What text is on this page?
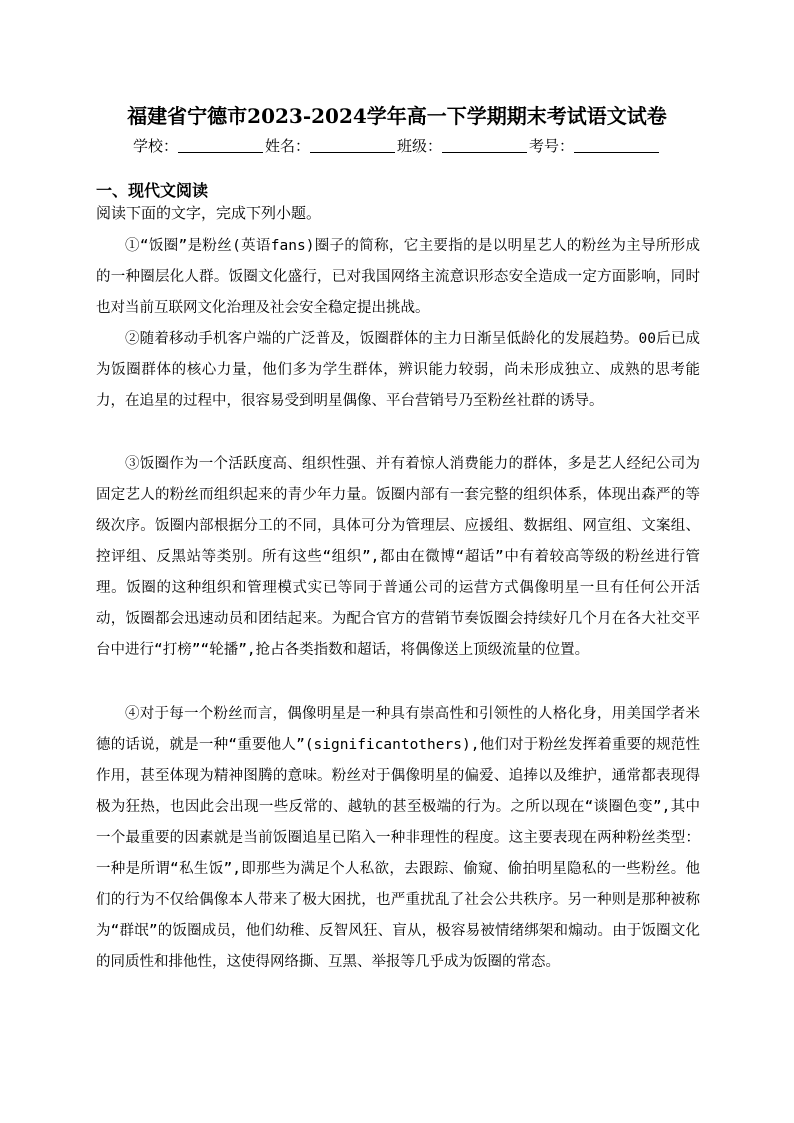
福建省宁德市2023-2024学年高一下学期期末考试语文试卷
学校：	姓名：	班级：	考号：
一、现代文阅读
阅读下面的文字，完成下列小题。

①“饭圈”是粉丝(英语fans)圈子的简称，它主要指的是以明星艺人的粉丝为主导所形成的一种圈层化人群。饭圈文化盛行，已对我国网络主流意识形态安全造成一定方面影响，同时也对当前互联网文化治理及社会安全稳定提出挑战。

②随着移动手机客户端的广泛普及，饭圈群体的主力日渐呈低龄化的发展趋势。00后已成为饭圈群体的核心力量，他们多为学生群体，辨识能力较弱，尚未形成独立、成熟的思考能力，在追星的过程中，很容易受到明星偶像、平台营销号乃至粉丝社群的诱导。

③饭圈作为一个活跃度高、组织性强、并有着惊人消费能力的群体，多是艺人经纪公司为固定艺人的粉丝而组织起来的青少年力量。饭圈内部有一套完整的组织体系，体现出森严的等级次序。饭圈内部根据分工的不同，具体可分为管理层、应援组、数据组、网宣组、文案组、控评组、反黑站等类别。所有这些“组织”,都由在微博“超话”中有着较高等级的粉丝进行管理。饭圈的这种组织和管理模式实已等同于普通公司的运营方式偶像明星一旦有任何公开活动，饭圈都会迅速动员和团结起来。为配合官方的营销节奏饭圈会持续好几个月在各大社交平台中进行“打榜”“轮播”,抢占各类指数和超话，将偶像送上顶级流量的位置。

④对于每一个粉丝而言，偶像明星是一种具有崇高性和引领性的人格化身，用美国学者米德的话说，就是一种“重要他人”(significantothers),他们对于粉丝发挥着重要的规范性作用，甚至体现为精神图腾的意味。粉丝对于偶像明星的偏爱、追捧以及维护，通常都表现得极为狂热，也因此会出现一些反常的、越轨的甚至极端的行为。之所以现在“谈圈色变”,其中一个最重要的因素就是当前饭圈追星已陷入一种非理性的程度。这主要表现在两种粉丝类型：一种是所谓“私生饭”,即那些为满足个人私欲，去跟踪、偷窥、偷拍明星隐私的一些粉丝。他们的行为不仅给偶像本人带来了极大困扰，也严重扰乱了社会公共秩序。另一种则是那种被称为“群氓”的饭圈成员，他们幼稚、反智风狂、盲从，极容易被情绪绑架和煽动。由于饭圈文化的同质性和排他性，这使得网络撕、互黑、举报等几乎成为饭圈的常态。
